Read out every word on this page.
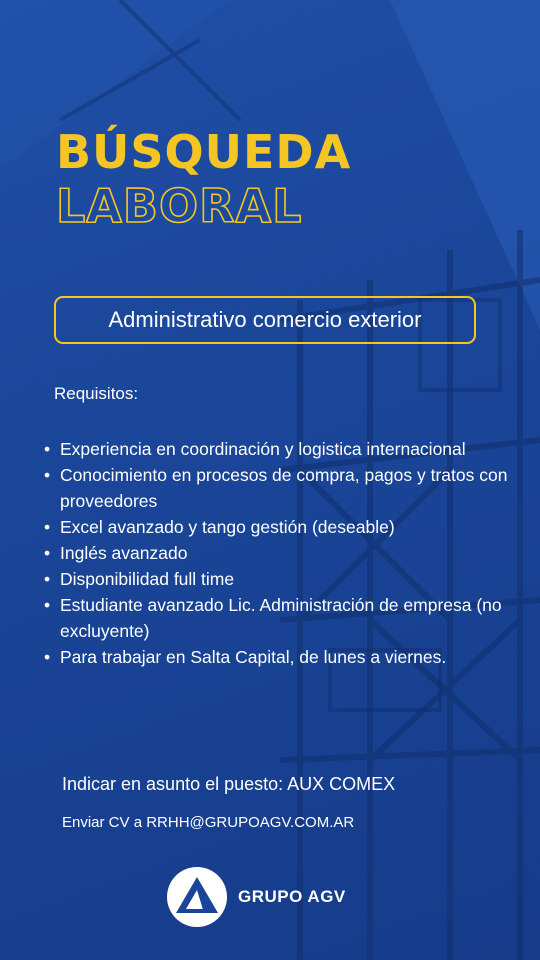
BÚSQUEDA
LABORAL
Administrativo comercio exterior
Requisitos:
• Experiencia en coordinación y logistica internacional
• Conocimiento en procesos de compra, pagos y tratos con proveedores
• Excel avanzado y tango gestión (deseable)
• Inglés avanzado
• Disponibilidad full time
• Estudiante avanzado Lic. Administración de empresa (no excluyente)
• Para trabajar en Salta Capital, de lunes a viernes.
Indicar en asunto el puesto: AUX COMEX
Enviar CV a RRHH@GRUPOAGV.COM.AR
GRUPO AGV
